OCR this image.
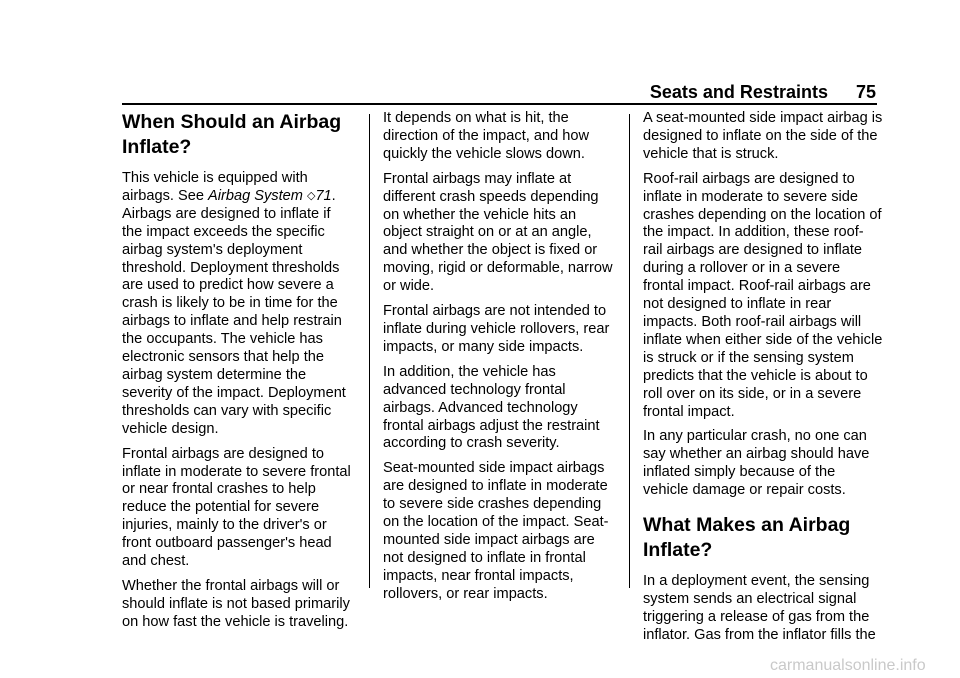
Seats and Restraints 75
When Should an Airbag Inflate?

This vehicle is equipped with airbags. See Airbag System ◇71. Airbags are designed to inflate if the impact exceeds the specific airbag system's deployment threshold. Deployment thresholds are used to predict how severe a crash is likely to be in time for the airbags to inflate and help restrain the occupants. The vehicle has electronic sensors that help the airbag system determine the severity of the impact. Deployment thresholds can vary with specific vehicle design.

Frontal airbags are designed to inflate in moderate to severe frontal or near frontal crashes to help reduce the potential for severe injuries, mainly to the driver's or front outboard passenger's head and chest.

Whether the frontal airbags will or should inflate is not based primarily on how fast the vehicle is traveling.

It depends on what is hit, the direction of the impact, and how quickly the vehicle slows down.

Frontal airbags may inflate at different crash speeds depending on whether the vehicle hits an object straight on or at an angle, and whether the object is fixed or moving, rigid or deformable, narrow or wide.

Frontal airbags are not intended to inflate during vehicle rollovers, rear impacts, or many side impacts.

In addition, the vehicle has advanced technology frontal airbags. Advanced technology frontal airbags adjust the restraint according to crash severity.

Seat-mounted side impact airbags are designed to inflate in moderate to severe side crashes depending on the location of the impact. Seat-mounted side impact airbags are not designed to inflate in frontal impacts, near frontal impacts, rollovers, or rear impacts.

A seat-mounted side impact airbag is designed to inflate on the side of the vehicle that is struck.

Roof-rail airbags are designed to inflate in moderate to severe side crashes depending on the location of the impact. In addition, these roof-rail airbags are designed to inflate during a rollover or in a severe frontal impact. Roof-rail airbags are not designed to inflate in rear impacts. Both roof-rail airbags will inflate when either side of the vehicle is struck or if the sensing system predicts that the vehicle is about to roll over on its side, or in a severe frontal impact.

In any particular crash, no one can say whether an airbag should have inflated simply because of the vehicle damage or repair costs.

What Makes an Airbag Inflate?

In a deployment event, the sensing system sends an electrical signal triggering a release of gas from the inflator. Gas from the inflator fills the

carmanualsonline.info
